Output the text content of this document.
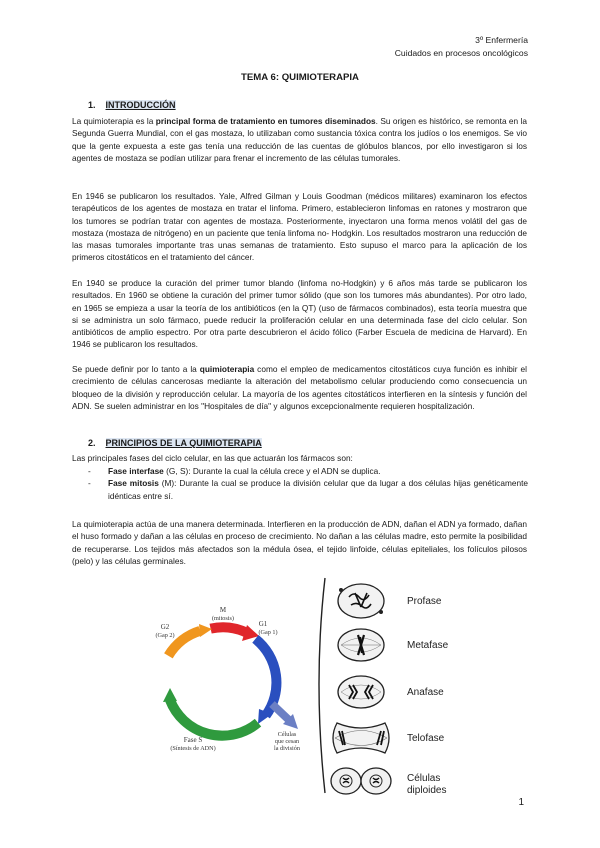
3º Enfermería
Cuidados en procesos oncológicos
TEMA 6: QUIMIOTERAPIA
1. INTRODUCCIÓN
La quimioterapia es la principal forma de tratamiento en tumores diseminados. Su origen es histórico, se remonta en la Segunda Guerra Mundial, con el gas mostaza, lo utilizaban como sustancia tóxica contra los judíos o los enemigos. Se vio que la gente expuesta a este gas tenía una reducción de las cuentas de glóbulos blancos, por ello investigaron si los agentes de mostaza se podían utilizar para frenar el incremento de las células tumorales.
En 1946 se publicaron los resultados. Yale, Alfred Gilman y Louis Goodman (médicos militares) examinaron los efectos terapéuticos de los agentes de mostaza en tratar el linfoma. Primero, establecieron linfomas en ratones y mostraron que los tumores se podrían tratar con agentes de mostaza. Posteriormente, inyectaron una forma menos volátil del gas de mostaza (mostaza de nitrógeno) en un paciente que tenía linfoma no- Hodgkin. Los resultados mostraron una reducción de las masas tumorales importante tras unas semanas de tratamiento. Esto supuso el marco para la aplicación de los primeros citostáticos en el tratamiento del cáncer.
En 1940 se produce la curación del primer tumor blando (linfoma no-Hodgkin) y 6 años más tarde se publicaron los resultados. En 1960 se obtiene la curación del primer tumor sólido (que son los tumores más abundantes). Por otro lado, en 1965 se empieza a usar la teoría de los antibióticos (en la QT) (uso de fármacos combinados), esta teoría muestra que si se administra un solo fármaco, puede reducir la proliferación celular en una determinada fase del ciclo celular. Son antibióticos de amplio espectro. Por otra parte descubrieron el ácido fólico (Farber Escuela de medicina de Harvard). En 1946 se publicaron los resultados.
Se puede definir por lo tanto a la quimioterapia como el empleo de medicamentos citostáticos cuya función es inhibir el crecimiento de células cancerosas mediante la alteración del metabolismo celular produciendo como consecuencia un bloqueo de la división y reproducción celular. La mayoría de los agentes citostáticos interfieren en la síntesis y función del ADN. Se suelen administrar en los "Hospitales de día" y algunos excepcionalmente requieren hospitalización.
2. PRINCIPIOS DE LA QUIMIOTERAPIA
Las principales fases del ciclo celular, en las que actuarán los fármacos son:
- Fase interfase (G, S): Durante la cual la célula crece y el ADN se duplica.
- Fase mitosis (M): Durante la cual se produce la división celular que da lugar a dos células hijas genéticamente idénticas entre sí.
La quimioterapia actúa de una manera determinada. Interfieren en la producción de ADN, dañan el ADN ya formado, dañan el huso formado y dañan a las células en proceso de crecimiento. No dañan a las células madre, esto permite la posibilidad de recuperarse. Los tejidos más afectados son la médula ósea, el tejido linfoide, células epiteliales, los folículos pilosos (pelo) y las células germinales.
M
(mitosis)
G1
(Gap 1)
G2
(Gap 2)
Fase S
(Síntesis de ADN)
Células
que cesan
la división
Profase
Metafase
Anafase
Telofase
Células
diploides
1
